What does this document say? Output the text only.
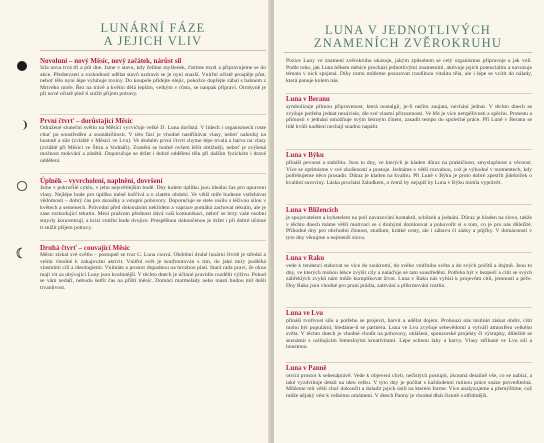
LUNÁRNÍ FÁZE
A JEJICH VLIV
Novoluní – nový Měsíc, nový začátek, nárůst sil

Síla nova trvá tři a půl dne. Jsme v stavu, kdy čelíme myšlenek, čistíme mysl a připravujeme se do akce. Předsevzetí a rozhodnutí udělat stavů uzdravit se je nyní snazší. Vnitřní očistě prospěje půst, neboť tělo nyní lépe vyluhuje toxiny. Do koupele přidejte olejíc, pokožce dopřejte zábal s bahnem z Mrtvého moře. Řez na trávě a květin dělá lepším, velkým v růstu, se naopak připraví. Otrokyně je při nové očistě plně ti snížit příjem potravy.

První čtvrť – dorůstající Měsíc

Odražené sluneční světlo na Měsíci vycvičuje velké D. Luna dorůstá. V lidech i organismech roste chuť po soustředění a sounáležitosti. V této fázi je vhodné nastřihávat vlasy, neboť nahoduj na hustotě a síle (zvláště v Měsíci ve Lvu). Ve druhém první čtvrti chytne lépe trvalá a barva na vlasy (zvláště při Měsíci ve Štíru a Vodnáři). Zranění se hodně ovšem léčit obtížněji, neboť je zvýšená možnost mokvání a zánětů. Doporučuje se držet i dobré oddělení tělu při dalším fyzickém i dravé oddělení.

Úplněk – vyvrcholení, naplnění, dovršení

Jsme v pokročilé cyklu, v jeho nejsvětlejším bodě. Dny kolem úplňku jsou ideální čas pro upravení vlasy. Nejlépe bude pro úplňku méně hořčivá a o zlatém období. Ve větší míře budeme vstřebávat vědomosti – dobrý čas pro zkoušky a vstupní pohovory. Doporučuje se stele rosilu s léčivou silou v květech a semenech. Průvodní před dokonáním neklidem a vaprace pomáhá zachovat tekutin, ale je zase rozhodující tekutin. Mezi pražcem přednost dává vaší komunikaci, neboť se brzy vaše osobní smysly koncentrují, a krizi vnitřní bude dvojice. Prospěšnou dokončenou je držet i při dobré účinné ti snížit příjem potravy.

Druhá čtvrť – couvající Měsíc

Měsíc získal své světlo – postupně se tvar C. Luna couvá. Obdobní druhé lunární čtvrtě je střední a velmi vhodné k zahajování aktivit. Vnitřní svět je konfrontován s tím, do jaké míry podléhá vlastními cíli a ideologiemi. Vnímáte a prostor dopadnou na hrozbou platí. Stará rada praví, že okna mají vit za ubývající Luny jsou kvalitnější. V těchto dnech je účinné pravidlo rozdělit výživu. Pokud se vám nedaří, nebudu šetřit čas na příští měsíc. Domácí marmelády nebo mastí budou mít delší trvanlivost.

LUNA V JEDNOTLIVÝCH
ZNAMENÍCH ZVĚROKRUHU

Pozice Luny ve znamení zvěrokruhu ukazuje, jakým způsobem se celý organismus připravuje a jak volí. Podle toho, jak Luna během měsíce prochází jednotlivými znameními, aktivuje jejich potencialitu a navozuje témata v nich spojená. Díky tomu můžeme pozorovat rozdílnou vitalitu těla, ale i lépe se vcítit do nálady, která panuje kolem nás.

Luna v Beranu

symbolizuje přímou připravenost, která nostalgii, je-li nečím zaujata, nevhání jednat. V těchto dnech se zvyšuje potřeba jednat nezávisle, dle své vlastní přirozenosti. Ve hře je více netrpělivosti a spěchu. Protestu a přímosti v jednání umožňuje svým šetrným činem, zasadit tempo do společné práce. Při Luně v Beranu se lidé kvůli nadšení nechají snadno napálit.

Luna v Býku

přináší pevnost a stabilitu. Jsou to dny, ve kterých je kladen důraz na praktičnost, smysluplnost a věcnost. Více se optimisme v své zkušenosti a postoje. Jednáme s větší rozvahou, což je výhodné v momentech, kdy potřebujeme něco prosadit. Důraz je kladen na kvalitu. Při Luně v Býku je proto dobré zpestřit jídelníček o kvalitní suroviny. Láska prochází žaludkem, o čemž by nejspíš by Luna v Býku mohla vyprávět.

Luna v Blížencích

je spojovatelem a hybatelem na poli navazování kontaktů, schůzek a jednání. Důraz je kladen na slovo, takže v těchto dnech máme větší motivaci se s druhými domlouvat a pohovořit si o tom, co je pro nás důležité. Příhodné dny pro obchodní činnost, studium, krátké cesty, ale i zábavu či sázky a půjčky. V domácnosti v tyto dny věnujme a nejmenší slova.

Luna v Raku

vede k tendenci stahovat se více do soukromí, do svého vnitřního světa a do svých počítů a dojmů. Jsou to dny, ve kterých mohou lehce zvýšit cily a nalaďuje se tam soustředění. Potřeba být v bezpečí a cítit se svých zabřeklých zvyků nám může komplikovat život. Luna v Raku nás vybízí k projevům citů, jemnosti a péče. Dny Raka jsou vhodné pro praní prádla, zalévání a přikrmování rostlin.

Luna ve Lvu

přináší tvořivost sílu a potřebu se projevit, barvit a udělat dojem. Probouzí nás instinkt získat obdiv, cítit mohu být populární, hledáme-li se partnera. Luna ve Lvu zvyšuje sebevědomí a vytváří atmosféru velkého světa. V těchto dnech je vhodné chodit na pohovory, ohlášení, sponzorské projekty či výstupky, důležité se seznámit s oslňujícím řemeslnými kreativitami. Lépe schnou lahy a barvy. Vlasy stříhané ve Lvu sílí a houstnou.

Luna v Panně

otvírá prostor k sebenáprávě. Vede k objevení chyb, nečistých postupů, zkoumá detailně vše, co se nabízí, a také vyzdvihuje detail na ideu celku. V tyto dny je počítat s každodenní rutinou práce snáze proveditelná. Můžeme mít větší chuť dokončit a doladit jejich úsilí na kterém forme. Více analyzujeme a přemýšlíme, což může nějaký vést k velkému omámení. V dnech Panny je vhodné dbát čistotě a střídmější.
